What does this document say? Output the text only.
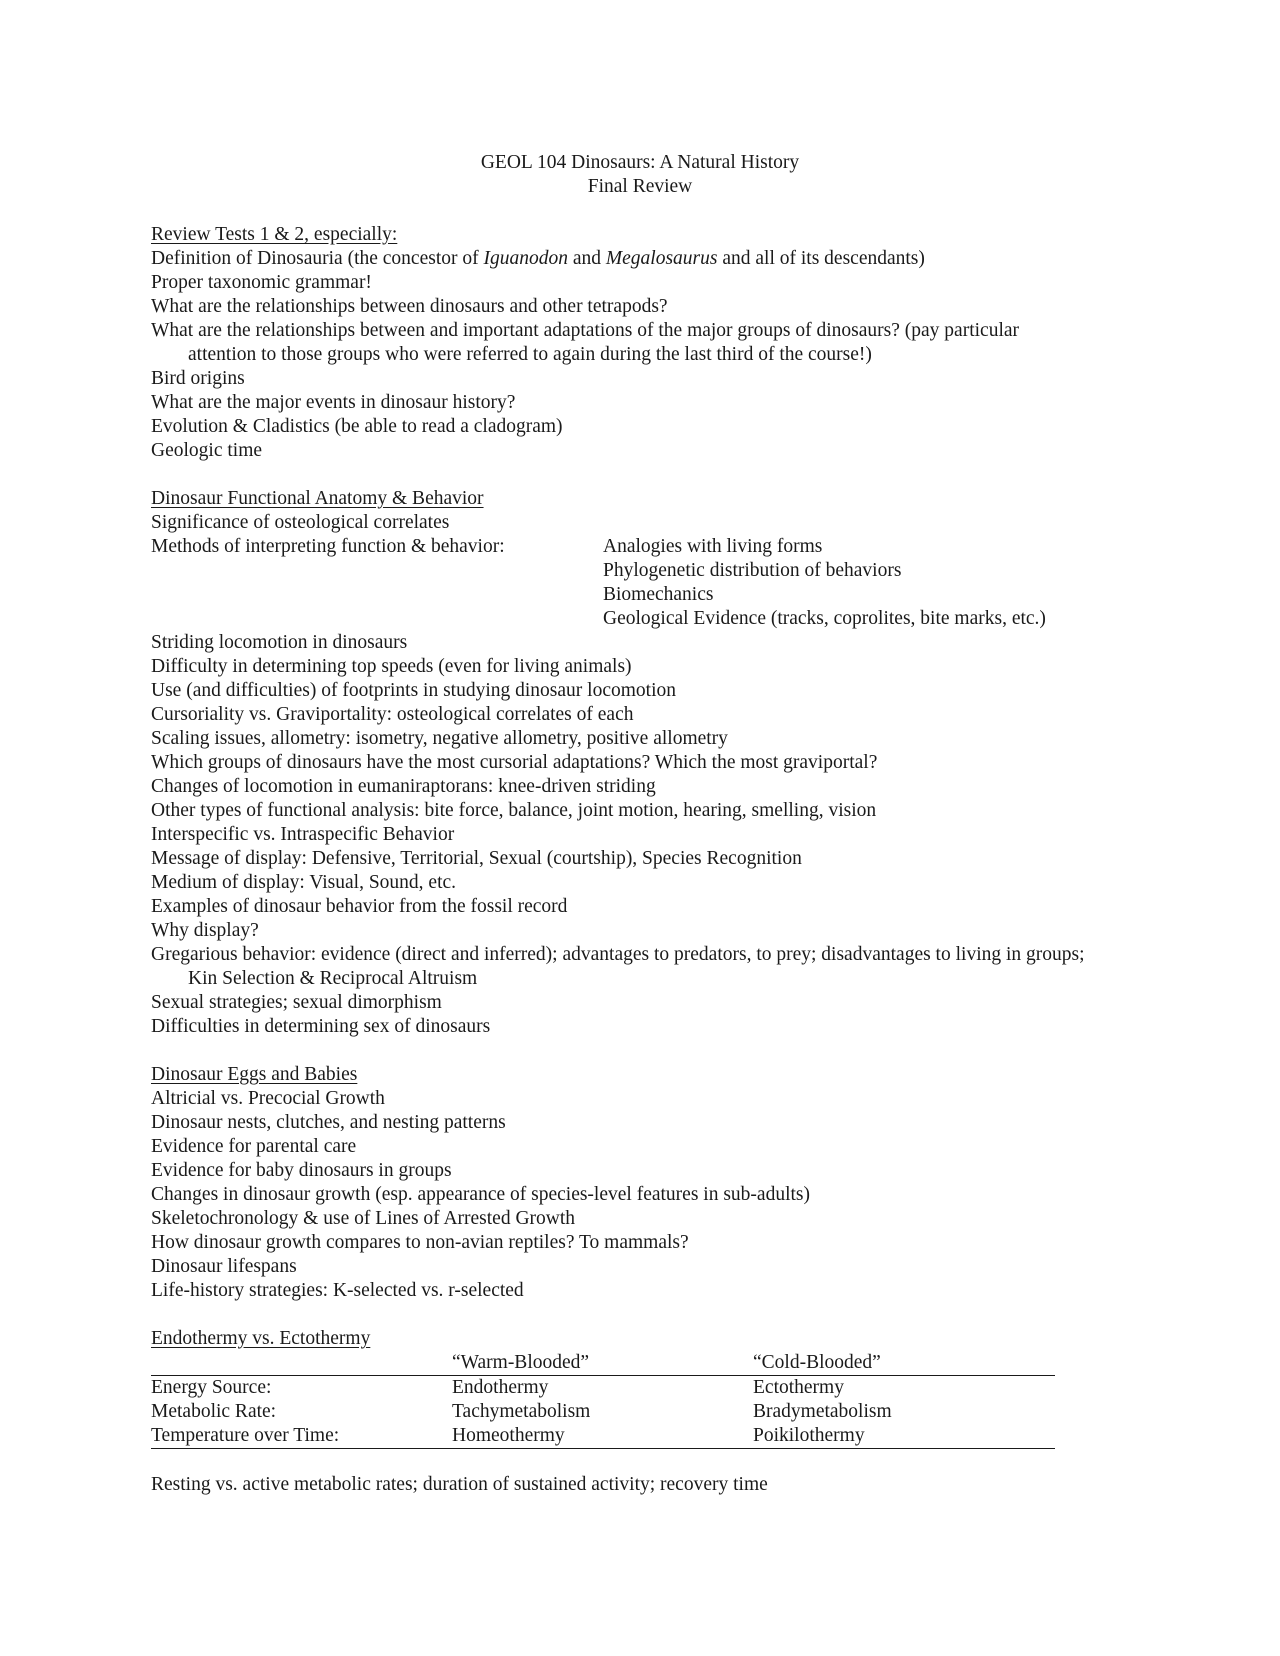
GEOL 104 Dinosaurs: A Natural History
Final Review
Review Tests 1 & 2, especially:
Definition of Dinosauria (the concestor of Iguanodon and Megalosaurus and all of its descendants)
Proper taxonomic grammar!
What are the relationships between dinosaurs and other tetrapods?
What are the relationships between and important adaptations of the major groups of dinosaurs? (pay particular attention to those groups who were referred to again during the last third of the course!)
Bird origins
What are the major events in dinosaur history?
Evolution & Cladistics (be able to read a cladogram)
Geologic time
Dinosaur Functional Anatomy & Behavior
Significance of osteological correlates
Methods of interpreting function & behavior:	Analogies with living forms
Phylogenetic distribution of behaviors
Biomechanics
Geological Evidence (tracks, coprolites, bite marks, etc.)
Striding locomotion in dinosaurs
Difficulty in determining top speeds (even for living animals)
Use (and difficulties) of footprints in studying dinosaur locomotion
Cursoriality vs. Graviportality: osteological correlates of each
Scaling issues, allometry: isometry, negative allometry, positive allometry
Which groups of dinosaurs have the most cursorial adaptations? Which the most graviportal?
Changes of locomotion in eumaniraptorans: knee-driven striding
Other types of functional analysis: bite force, balance, joint motion, hearing, smelling, vision
Interspecific vs. Intraspecific Behavior
Message of display: Defensive, Territorial, Sexual (courtship), Species Recognition
Medium of display: Visual, Sound, etc.
Examples of dinosaur behavior from the fossil record
Why display?
Gregarious behavior: evidence (direct and inferred); advantages to predators, to prey; disadvantages to living in groups; Kin Selection & Reciprocal Altruism
Sexual strategies; sexual dimorphism
Difficulties in determining sex of dinosaurs
Dinosaur Eggs and Babies
Altricial vs. Precocial Growth
Dinosaur nests, clutches, and nesting patterns
Evidence for parental care
Evidence for baby dinosaurs in groups
Changes in dinosaur growth (esp. appearance of species-level features in sub-adults)
Skeletochronology & use of Lines of Arrested Growth
How dinosaur growth compares to non-avian reptiles? To mammals?
Dinosaur lifespans
Life-history strategies: K-selected vs. r-selected
Endothermy vs. Ectothermy
	“Warm-Blooded”	“Cold-Blooded”
Energy Source:	Endothermy	Ectothermy
Metabolic Rate:	Tachymetabolism	Bradymetabolism
Temperature over Time:	Homeothermy	Poikilothermy
Resting vs. active metabolic rates; duration of sustained activity; recovery time
